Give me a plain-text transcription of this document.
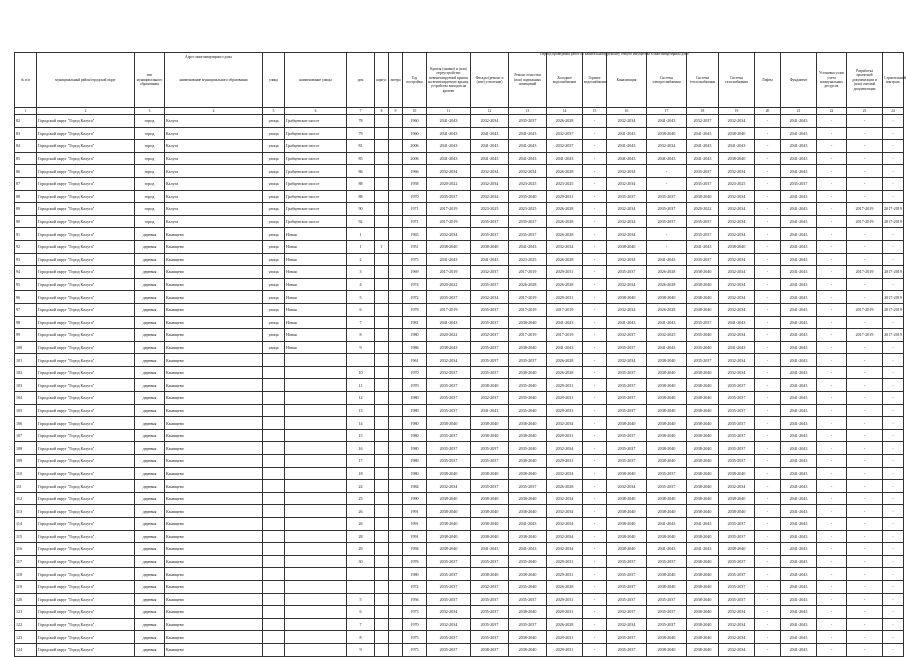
Адрес многоквартирного дома
Период проведения работ по капитальному ремонту общего имущества в многоквартирном доме
№ п/п	муниципальный район/городской округ	тип муниципального образования	наименование муниципального образования	улица	наименование улицы	дом	корпус	литера	Год постройки	Кровля (замена) и (или) переустройство невентилируемой крыши на вентилируемую крышу, устройство выходов на кровлю	Фасады (ремонт и (или) утепление)	Ремонт отмостки (или) подвальных помещений	Холодное водоснабжение	Горячее водоснабжение	Канализация	Система электроснабжения	Система теплоснабжения	Система газоснабжения	Лифты	Фундамент	Установка узлов учета коммунальных ресурсов	Разработка проектной документации и (или) сметной документации	Строительный контроль
1	2	3	4	5	6	7	8	9	10	11	12	13	14	15	16	17	18	19	20	21	22	23	24
82	Городской округ "Город Калуга"	город	Калуга	улица	Грабцевское шоссе	78			1960	2041-2043	2032-2034	2035-2037	2026-2028	-	2032-2034	2041-2043	2032-2037	2032-2034	-	2041-2043	-	-	-
83	Городской округ "Город Калуга"	город	Калуга	улица	Грабцевское шоссе	79			1960	2041-2043	2041-2043	2041-2043	2032-2037	-	2041-2043	2038-2040	2041-2043	2038-2040	-	2041-2043	-	-	-
84	Городской округ "Город Калуга"	город	Калуга	улица	Грабцевское шоссе	81			2006	2041-2043	2041-2043	2041-2043	2032-2037	-	2041-2043	2032-2034	2041-2043	2041-2043	-	2041-2043	-	-	-
85	Городской округ "Город Калуга"	город	Калуга	улица	Грабцевское шоссе	85			2006	2041-2043	2041-2043	2041-2043	2041-2043	-	2041-2043	2041-2043	2041-2043	2038-2040	-	2041-2043	-	-	-
86	Городской округ "Город Калуга"	город	Калуга	улица	Грабцевское шоссе	86			1966	2032-2034	2032-2034	2032-2034	2026-2028	-	2032-2034	-	2035-2037	2032-2034	-	2041-2043	-	-	-
87	Городской округ "Город Калуга"	город	Калуга	улица	Грабцевское шоссе	88			1958	2020-2022	2032-2034	2023-2025	2023-2025	-	2032-2034	-	2035-2037	2023-2025	-	2035-2037	-	-	-
88	Городской округ "Город Калуга"	город	Калуга	улица	Грабцевское шоссе	88			1970	2035-2037	2032-2034	2035-2040	2029-2031	-	2035-2037	2035-2037	2038-2040	2032-2034	-	2041-2043	-	-	-
89	Городской округ "Город Калуга"	город	Калуга	улица	Грабцевское шоссе	90			1971	2017-2019	2023-2025	2023-2025	2026-2028	-	2032-2034	2035-2037	2020-2022	2032-2034	-	2041-2043	-	2017-2019	2017-2019
90	Городской округ "Город Калуга"	город	Калуга	улица	Грабцевское шоссе	92			1971	2017-2019	2035-2037	2035-2037	2026-2028	-	2032-2034	2035-2037	2035-2037	2032-2034	-	2041-2043	-	2017-2019	2017-2019
91	Городской округ "Город Калуга"	деревня	Канищево	улица	Новая	1			1965	2032-2034	2035-2037	2035-2037	2026-2028	-	2032-2034	-	2035-2037	2032-2034	-	2041-2043	-	-	-
92	Городской округ "Город Калуга"	деревня	Канищево	улица	Новая	1	1		1951	2038-2040	2038-2040	2041-2043	2032-2034	-	2038-2040	-	2041-2043	2038-2040	-	2041-2043	-	-	-
93	Городской округ "Город Калуга"	деревня	Канищево	улица	Новая	2			1975	2041-2043	2041-2043	2023-2025	2026-2028	-	2032-2034	2041-2043	2035-2037	2032-2034	-	2041-2043	-	-	-
94	Городской округ "Город Калуга"	деревня	Канищево	улица	Новая	3			1969	2017-2019	2032-2037	2017-2019	2029-2031	-	2035-2037	2026-2028	2038-2040	2032-2034	-	2041-2043	-	2017-2019	2017-2019
95	Городской округ "Город Калуга"	деревня	Канищево	улица	Новая	4			1974	2020-2022	2035-2037	2026-2028	2026-2028	-	2032-2034	2026-2028	2038-2040	2032-2034	-	2041-2043	-	-	-
96	Городской округ "Город Калуга"	деревня	Канищево	улица	Новая	5			1972	2035-2037	2032-2034	2017-2019	2029-2031	-	2038-2040	2038-2040	2038-2040	2032-2034	-	2041-2043	-	-	2017-2019
97	Городской округ "Город Калуга"	деревня	Канищево	улица	Новая	6			1978	2017-2019	2035-2037	2017-2019	2017-2019	-	2032-2034	2026-2028	2038-2040	2032-2034	-	2041-2043	-	2017-2019	2017-2019
98	Городской округ "Город Калуга"	деревня	Канищево	улица	Новая	7			1981	2041-2043	2035-2037	2038-2040	2041-2043	-	2041-2043	2041-2043	2035-2037	2041-2043	-	2041-2043	-	-	-
99	Городской округ "Город Калуга"	деревня	Канищево	улица	Новая	8			1980	2020-2022	2032-2037	2017-2019	2017-2019	-	2032-2037	2032-2025	2035-2040	2032-2034	-	2041-2043	-	2017-2019	2017-2019
100	Городской округ "Город Калуга"	деревня	Канищево	улица	Новая	9			1986	2038-2043	2035-2037	2038-2040	2041-2043	-	2035-2037	2041-2043	2035-2040	2041-2043	-	2041-2043	-	-	-
101	Городской округ "Город Калуга"	деревня	Канищево						1961	2032-2034	2035-2037	2035-2037	2026-2028	-	2032-2034	2038-2040	2035-2037	2032-2034	-	2041-2043	-	-	-
102	Городской округ "Город Калуга"	деревня	Канищево			10			1970	2032-2037	2035-2037	2038-2040	2026-2028	-	2035-2037	2038-2040	2038-2040	2032-2034	-	2041-2043	-	-	-
103	Городской округ "Город Калуга"	деревня	Канищево			11			1970	2035-2037	2038-2040	2035-2040	2029-2031	-	2035-2037	2038-2040	2038-2040	2035-2037	-	2041-2043	-	-	-
104	Городской округ "Город Калуга"	деревня	Канищево			12			1980	2035-2037	2032-2037	2035-2040	2029-2031	-	2035-2037	2038-2040	2038-2040	2035-2037	-	2041-2043	-	-	-
105	Городской округ "Город Калуга"	деревня	Канищево			13			1980	2035-2037	2041-2043	2035-2040	2029-2031	-	2035-2037	2038-2040	2038-2040	2035-2037	-	2041-2043	-	-	-
106	Городской округ "Город Калуга"	деревня	Канищево			14			1980	2038-2040	2038-2040	2038-2040	2032-2034	-	2038-2040	2038-2040	2038-2040	2035-2037	-	2041-2043	-	-	-
107	Городской округ "Город Калуга"	деревня	Канищево			15			1980	2035-2037	2038-2040	2038-2040	2029-2031	-	2035-2037	2038-2040	2038-2040	2035-2037	-	2041-2043	-	-	-
108	Городской округ "Город Калуга"	деревня	Канищево			16			1980	2035-2037	2035-2037	2035-2040	2032-2034	-	2035-2037	2038-2040	2038-2040	2035-2037	-	2041-2043	-	-	-
109	Городской округ "Город Калуга"	деревня	Канищево			17			1980	2035-2037	2035-2037	2038-2040	2029-2031	-	2035-2037	2038-2040	2038-2040	2035-2037	-	2041-2043	-	-	-
110	Городской округ "Город Калуга"	деревня	Канищево			18			1980	2038-2040	2038-2040	2038-2040	2032-2034	-	2038-2040	2035-2037	2038-2040	2038-2040	-	2041-2043	-	-	-
111	Городской округ "Город Калуга"	деревня	Канищево			24			1984	2032-2034	2035-2037	2035-2037	2026-2028	-	2032-2034	2035-2037	2038-2040	2032-2034	-	2041-2043	-	-	-
112	Городской округ "Город Калуга"	деревня	Канищево			25			1990	2038-2040	2038-2040	2038-2040	2032-2034	-	2038-2040	2038-2040	2038-2040	2038-2040	-	2041-2043	-	-	-
113	Городской округ "Город Калуга"	деревня	Канищево			26			1991	2038-2040	2038-2040	2038-2040	2032-2034	-	2038-2040	2038-2040	2038-2040	2038-2040	-	2041-2043	-	-	-
114	Городской округ "Город Калуга"	деревня	Канищево			26			1991	2038-2040	2038-2040	2041-2043	2032-2034	-	2038-2040	2041-2043	2041-2043	2035-2037	-	2041-2043	-	-	-
115	Городской округ "Город Калуга"	деревня	Канищево			28			1991	2038-2040	2038-2040	2038-2040	2032-2034	-	2038-2040	2038-2040	2038-2040	2035-2037	-	2041-2043	-	-	-
116	Городской округ "Город Калуга"	деревня	Канищево			29			1994	2038-2040	2041-2043	2041-2043	2032-2034	-	2038-2040	2041-2043	2041-2043	2038-2040	-	2041-2043	-	-	-
117	Городской округ "Город Калуга"	деревня	Канищево			30			1976	2035-2037	2035-2037	2035-2040	2029-2031	-	2035-2037	2035-2037	2038-2040	2035-2037	-	2041-2043	-	-	-
118	Городской округ "Город Калуга"	деревня	Канищево						1980	2035-2037	2038-2040	2038-2040	2029-2031	-	2035-2037	2038-2040	2038-2040	2035-2037	-	2041-2043	-	-	-
119	Городской округ "Город Калуга"	деревня	Канищево						1972	2035-2037	2032-2037	2035-2040	2026-2028	-	2035-2037	2038-2040	2038-2040	2035-2037	-	2041-2043	-	-	-
120	Городской округ "Город Калуга"	деревня	Канищево			5			1956	2035-2037	2035-2037	2035-2037	2029-2031	-	2035-2037	2035-2037	2038-2040	2035-2037	-	2041-2043	-	-	-
121	Городской округ "Город Калуга"	деревня	Канищево			6			1973	2032-2034	2035-2037	2038-2040	2029-2031	-	2032-2037	2035-2037	2038-2040	2032-2034	-	2041-2043	-	-	-
122	Городской округ "Город Калуга"	деревня	Канищево			7			1970	2032-2034	2035-2037	2035-2037	2026-2028	-	2032-2034	2035-2037	2038-2040	2032-2034	-	2041-2043	-	-	-
123	Городской округ "Город Калуга"	деревня	Канищево			8			1975	2035-2037	2035-2037	2038-2040	2029-2031	-	2035-2037	2038-2040	2038-2040	2032-2034	-	2041-2043	-	-	-
124	Городской округ "Город Калуга"	деревня	Канищево			9			1975	2035-2037	2038-2037	2038-2040	2029-2031	-	2035-2037	2038-2040	2038-2040	2032-2034	-	2041-2043	-	-	-
